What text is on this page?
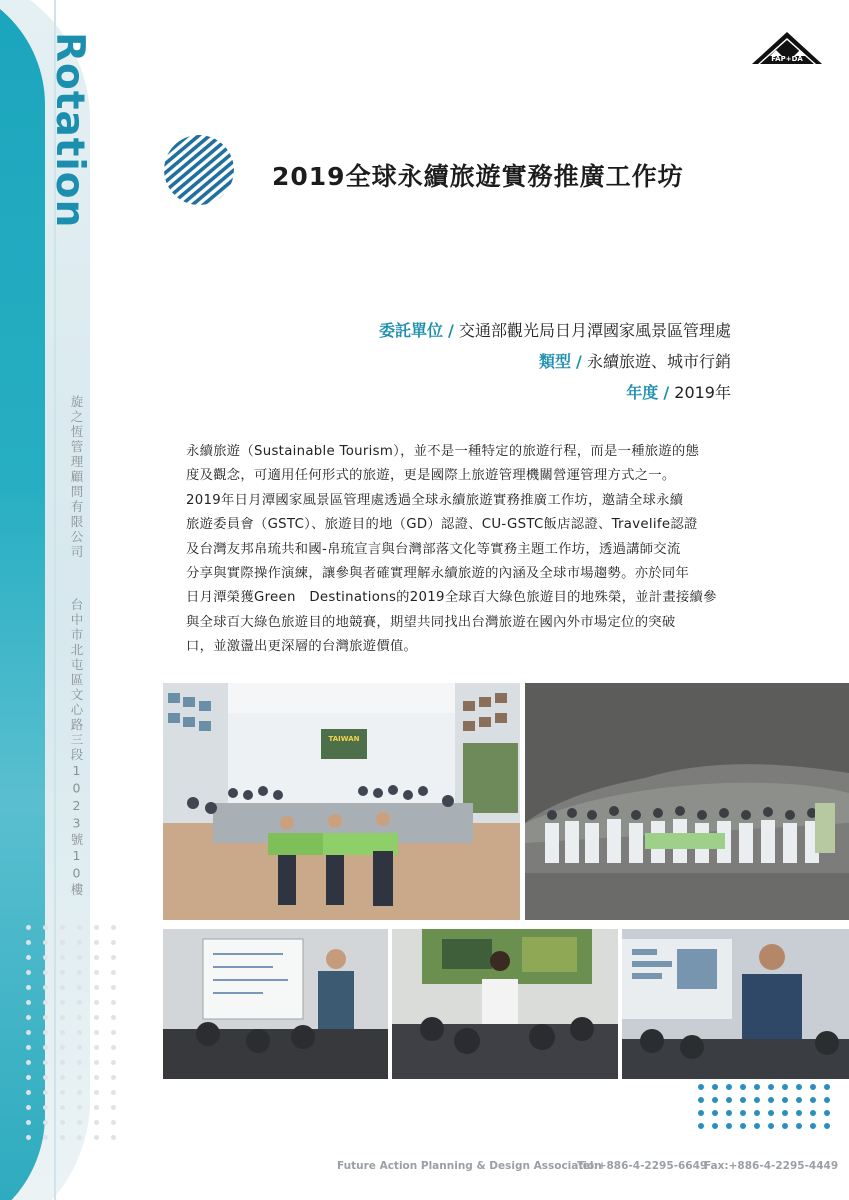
Rotation
旋之恆管理顧問有限公司
台中市北屯區文心路三段1023號10樓
FAP+DA
2019全球永續旅遊實務推廣工作坊
委託單位 / 交通部觀光局日月潭國家風景區管理處
類型 / 永續旅遊、城市行銷
年度 / 2019年
永續旅遊（Sustainable Tourism），並不是一種特定的旅遊行程，而是一種旅遊的態
度及觀念，可適用任何形式的旅遊，更是國際上旅遊管理機關營運管理方式之一。
2019年日月潭國家風景區管理處透過全球永續旅遊實務推廣工作坊，邀請全球永續
旅遊委員會（GSTC）、旅遊目的地（GD）認證、CU-GSTC飯店認證、Travelife認證
及台灣友邦帛琉共和國-帛琉宣言與台灣部落文化等實務主題工作坊，透過講師交流
分享與實際操作演練，讓參與者確實理解永續旅遊的內涵及全球市場趨勢。亦於同年
日月潭榮獲Green　Destinations的2019全球百大綠色旅遊目的地殊榮，並計畫接續參
與全球百大綠色旅遊目的地競賽，期望共同找出台灣旅遊在國內外市場定位的突破
口，並激盪出更深層的台灣旅遊價值。
TAIWAN
Future Action Planning & Design Association
Tel:+886-4-2295-6649
Fax:+886-4-2295-4449
